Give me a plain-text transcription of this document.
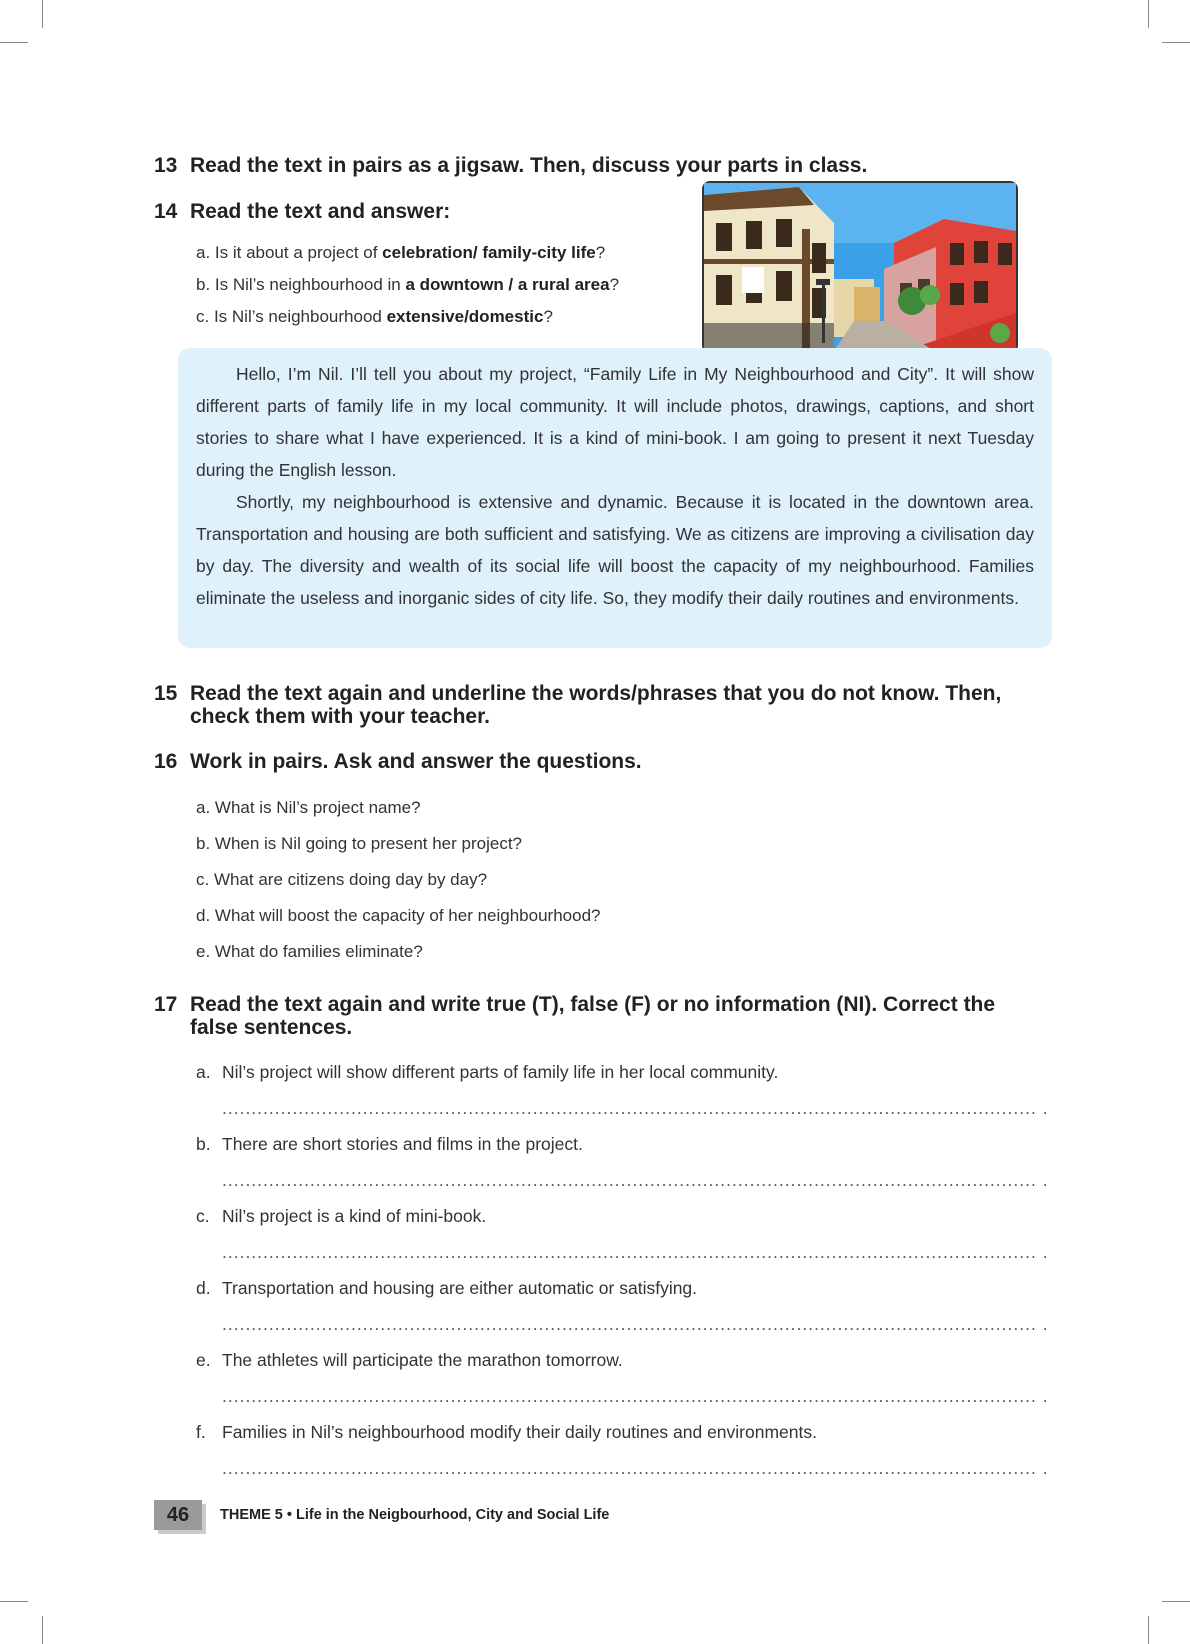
13 Read the text in pairs as a jigsaw. Then, discuss your parts in class.
14 Read the text and answer:
a. Is it about a project of celebration/ family-city life?
b. Is Nil’s neighbourhood in a downtown / a rural area?
c. Is Nil’s neighbourhood extensive/domestic?

Hello, I’m Nil. I’ll tell you about my project, “Family Life in My Neighbourhood and City”. It will show different parts of family life in my local community. It will include photos, drawings, captions, and short stories to share what I have experienced. It is a kind of mini-book. I am going to present it next Tuesday during the English lesson.

Shortly, my neighbourhood is extensive and dynamic. Because it is located in the downtown area. Transportation and housing are both sufficient and satisfying. We as citizens are improving a civilisation day by day. The diversity and wealth of its social life will boost the capacity of my neighbourhood. Families eliminate the useless and inorganic sides of city life. So, they modify their daily routines and environments.

15 Read the text again and underline the words/phrases that you do not know. Then,
check them with your teacher.
16 Work in pairs. Ask and answer the questions.
a. What is Nil’s project name?
b. When is Nil going to present her project?
c. What are citizens doing day by day?
d. What will boost the capacity of her neighbourhood?
e. What do families eliminate?
17 Read the text again and write true (T), false (F) or no information (NI). Correct the
false sentences.
a. Nil’s project will show different parts of family life in her local community.
........................................................................................................................................... .
b. There are short stories and films in the project.
........................................................................................................................................... .
c. Nil’s project is a kind of mini-book.
........................................................................................................................................... .
d. Transportation and housing are either automatic or satisfying.
........................................................................................................................................... .
e. The athletes will participate the marathon tomorrow.
........................................................................................................................................... .
f. Families in Nil’s neighbourhood modify their daily routines and environments.
........................................................................................................................................... .
46	THEME 5 • Life in the Neigbourhood, City and Social Life
